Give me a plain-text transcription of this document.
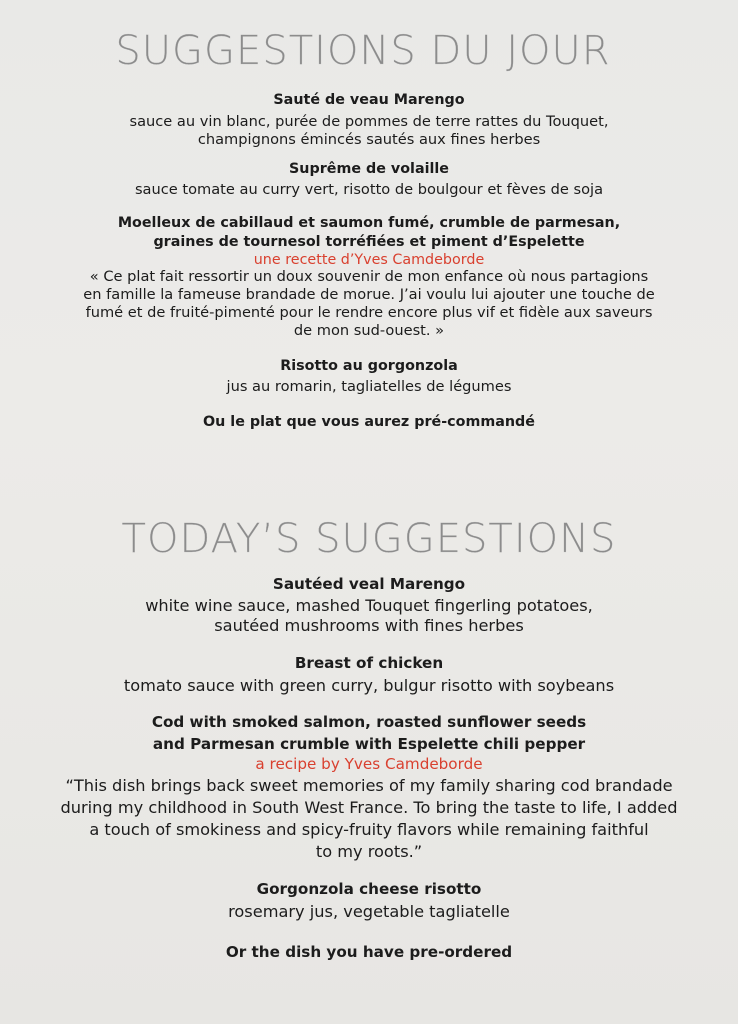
SUGGESTIONS DU JOUR
Sauté de veau Marengo
sauce au vin blanc, purée de pommes de terre rattes du Touquet,
champignons émincés sautés aux fines herbes
Suprême de volaille
sauce tomate au curry vert, risotto de boulgour et fèves de soja
Moelleux de cabillaud et saumon fumé, crumble de parmesan,
graines de tournesol torréfiées et piment d’Espelette
une recette d’Yves Camdeborde
« Ce plat fait ressortir un doux souvenir de mon enfance où nous partagions
en famille la fameuse brandade de morue. J’ai voulu lui ajouter une touche de
fumé et de fruité-pimenté pour le rendre encore plus vif et fidèle aux saveurs
de mon sud-ouest. »
Risotto au gorgonzola
jus au romarin, tagliatelles de légumes
Ou le plat que vous aurez pré-commandé
TODAY’S SUGGESTIONS
Sautéed veal Marengo
white wine sauce, mashed Touquet fingerling potatoes,
sautéed mushrooms with fines herbes
Breast of chicken
tomato sauce with green curry, bulgur risotto with soybeans
Cod with smoked salmon, roasted sunflower seeds
and Parmesan crumble with Espelette chili pepper
a recipe by Yves Camdeborde
“This dish brings back sweet memories of my family sharing cod brandade
during my childhood in South West France. To bring the taste to life, I added
a touch of smokiness and spicy-fruity flavors while remaining faithful
to my roots.”
Gorgonzola cheese risotto
rosemary jus, vegetable tagliatelle
Or the dish you have pre-ordered
